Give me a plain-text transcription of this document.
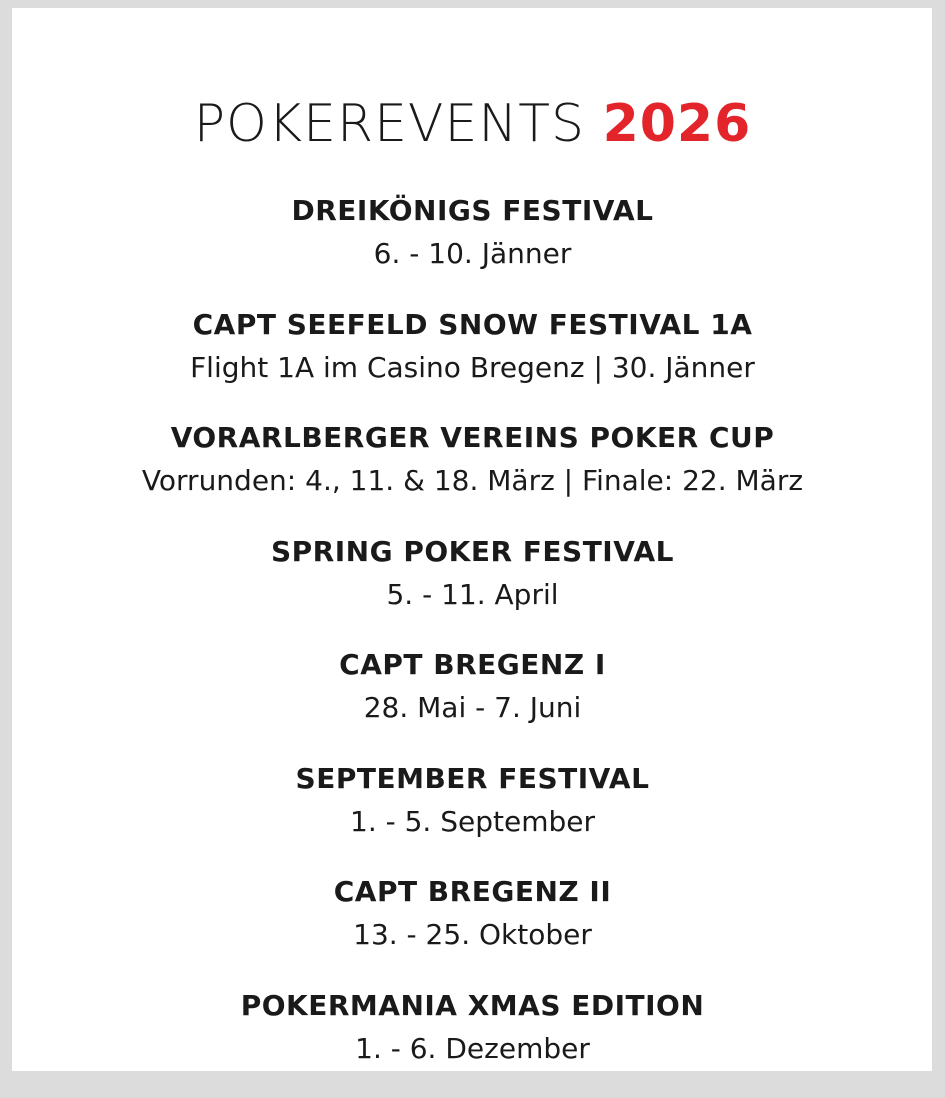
POKEREVENTS 2026
DREIKÖNIGS FESTIVAL
6. - 10. Jänner
CAPT SEEFELD SNOW FESTIVAL 1A
Flight 1A im Casino Bregenz | 30. Jänner
VORARLBERGER VEREINS POKER CUP
Vorrunden: 4., 11. & 18. März | Finale: 22. März
SPRING POKER FESTIVAL
5. - 11. April
CAPT BREGENZ I
28. Mai - 7. Juni
SEPTEMBER FESTIVAL
1. - 5. September
CAPT BREGENZ II
13. - 25. Oktober
POKERMANIA XMAS EDITION
1. - 6. Dezember
